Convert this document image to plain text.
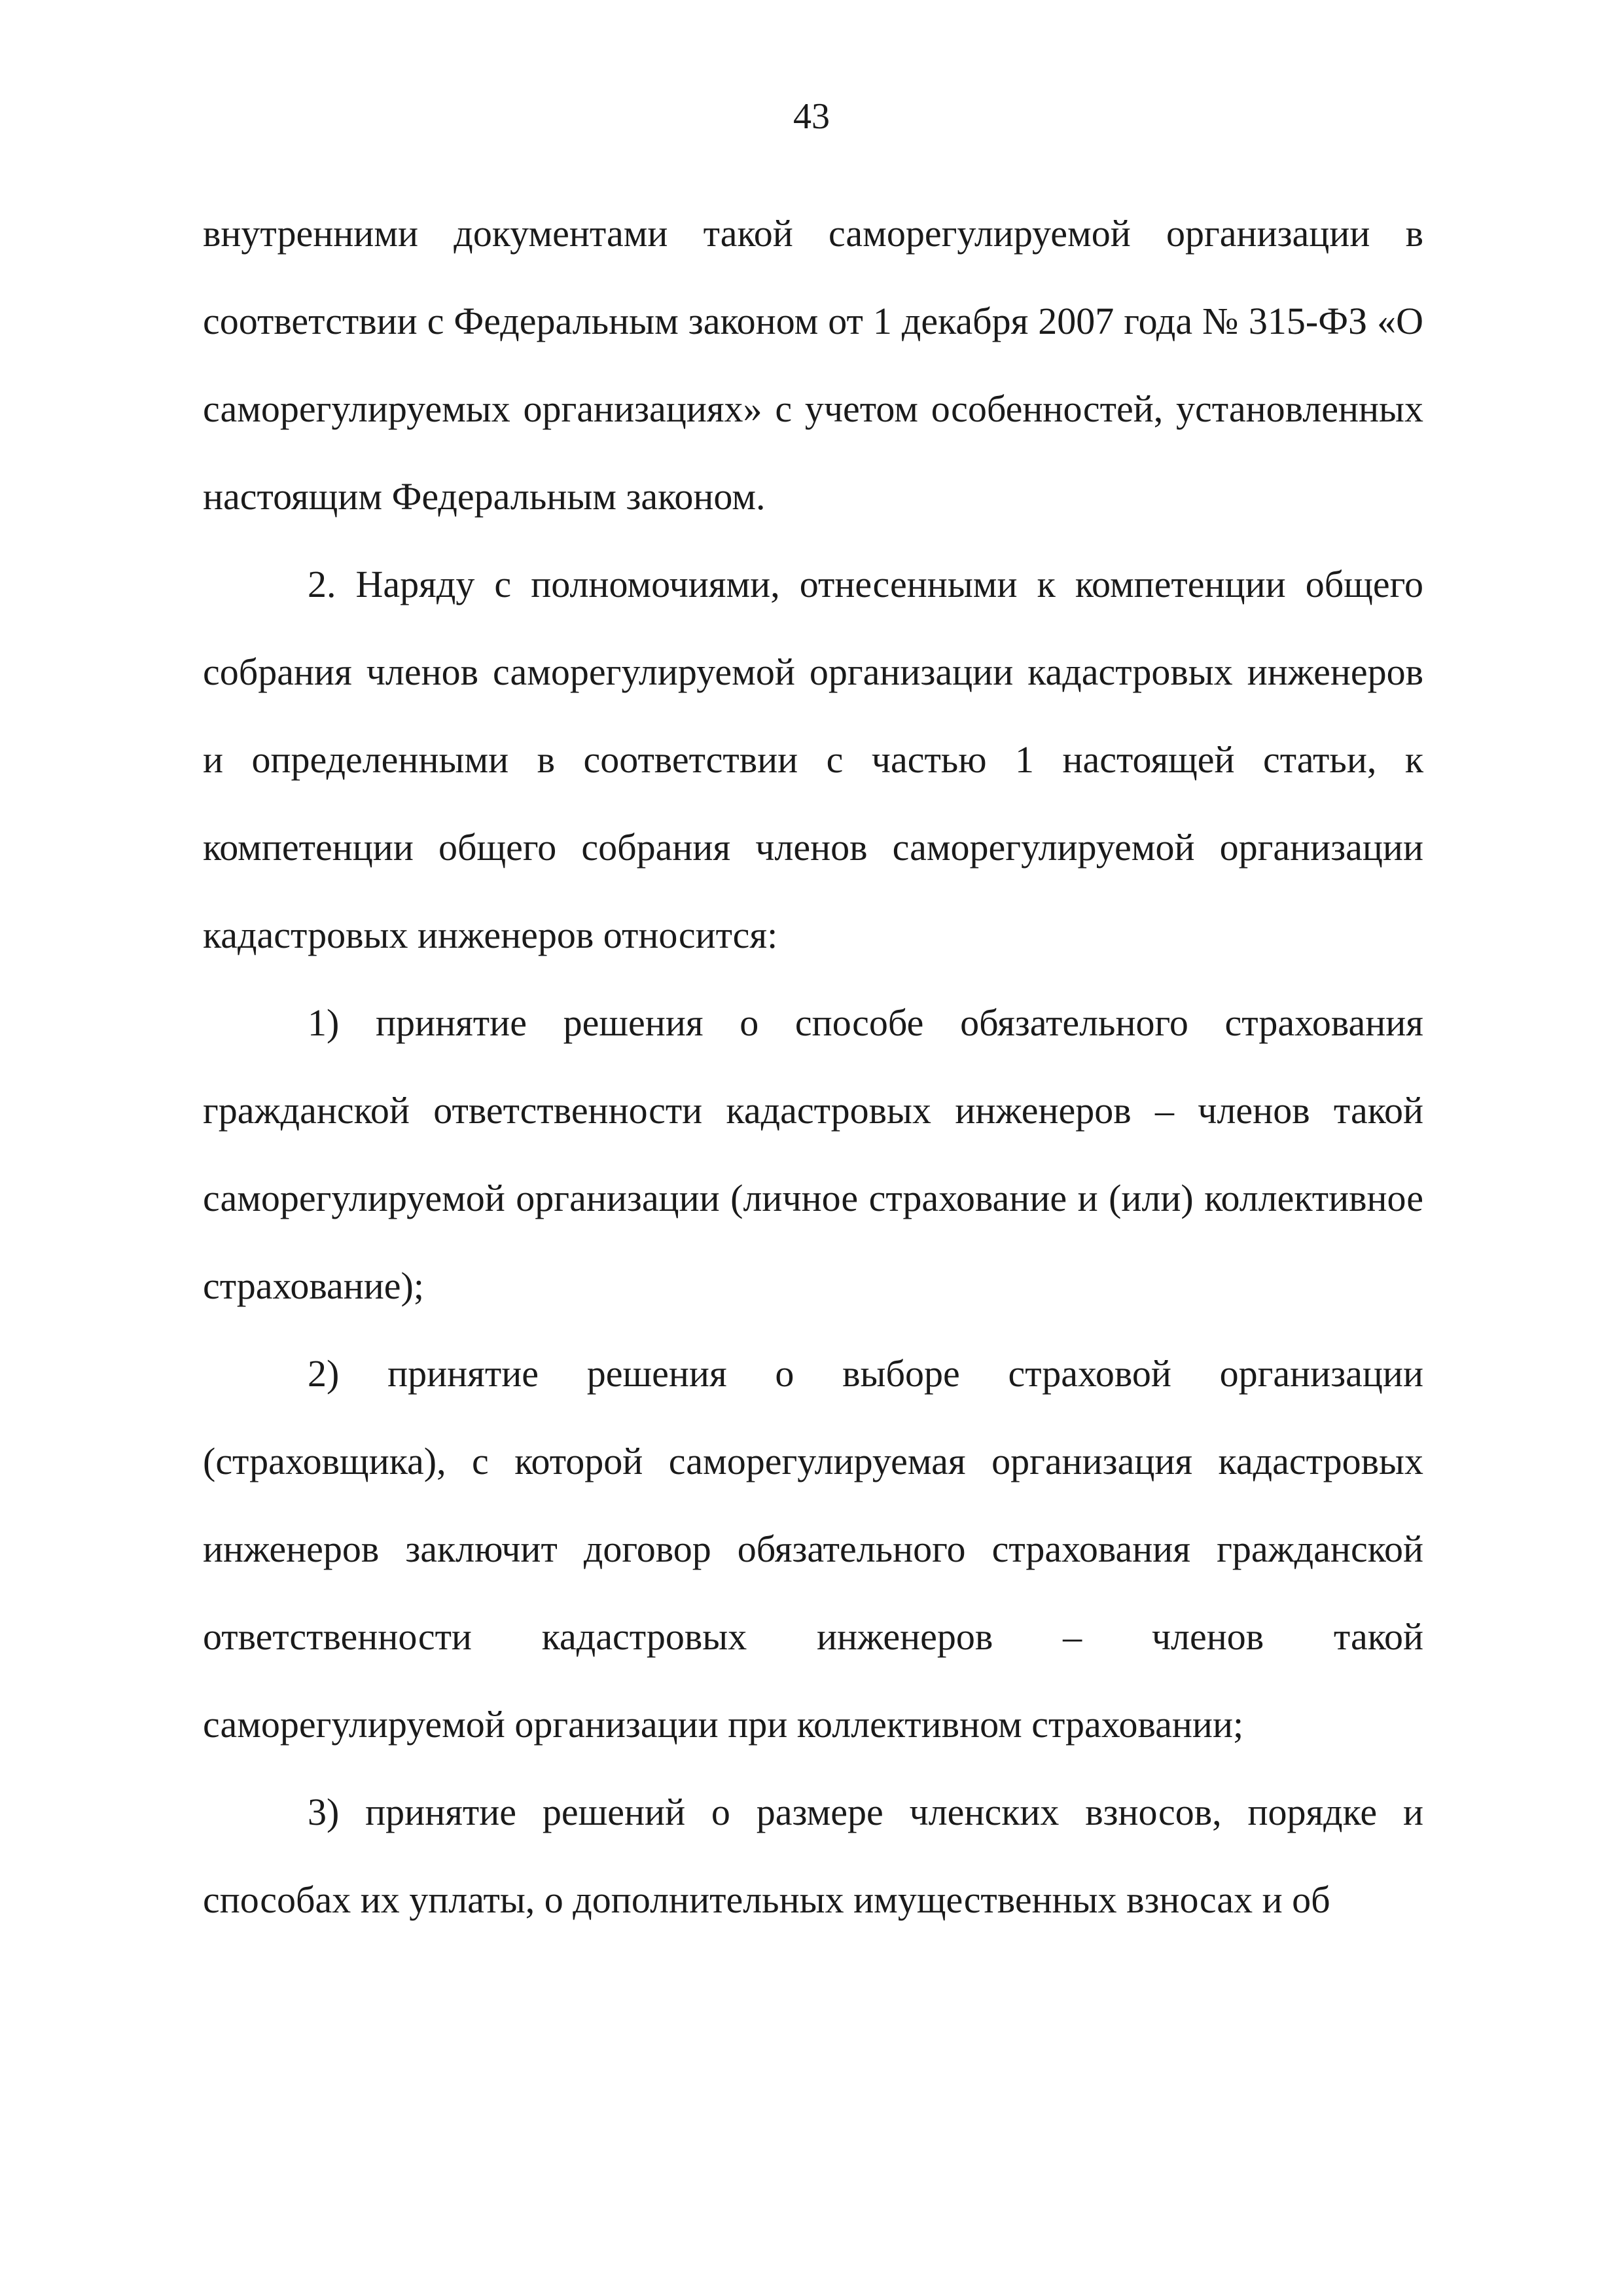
43

внутренними документами такой саморегулируемой организации в соответствии с Федеральным законом от 1 декабря 2007 года № 315-ФЗ «О саморегулируемых организациях» с учетом особенностей, установленных настоящим Федеральным законом.

2. Наряду с полномочиями, отнесенными к компетенции общего собрания членов саморегулируемой организации кадастровых инженеров и определенными в соответствии с частью 1 настоящей статьи, к компетенции общего собрания членов саморегулируемой организации кадастровых инженеров относится:

1) принятие решения о способе обязательного страхования гражданской ответственности кадастровых инженеров – членов такой саморегулируемой организации (личное страхование и (или) коллективное страхование);

2) принятие решения о выборе страховой организации (страховщика), с которой саморегулируемая организация кадастровых инженеров заключит договор обязательного страхования гражданской ответственности кадастровых инженеров – членов такой саморегулируемой организации при коллективном страховании;

3) принятие решений о размере членских взносов, порядке и способах их уплаты, о дополнительных имущественных взносах и об
